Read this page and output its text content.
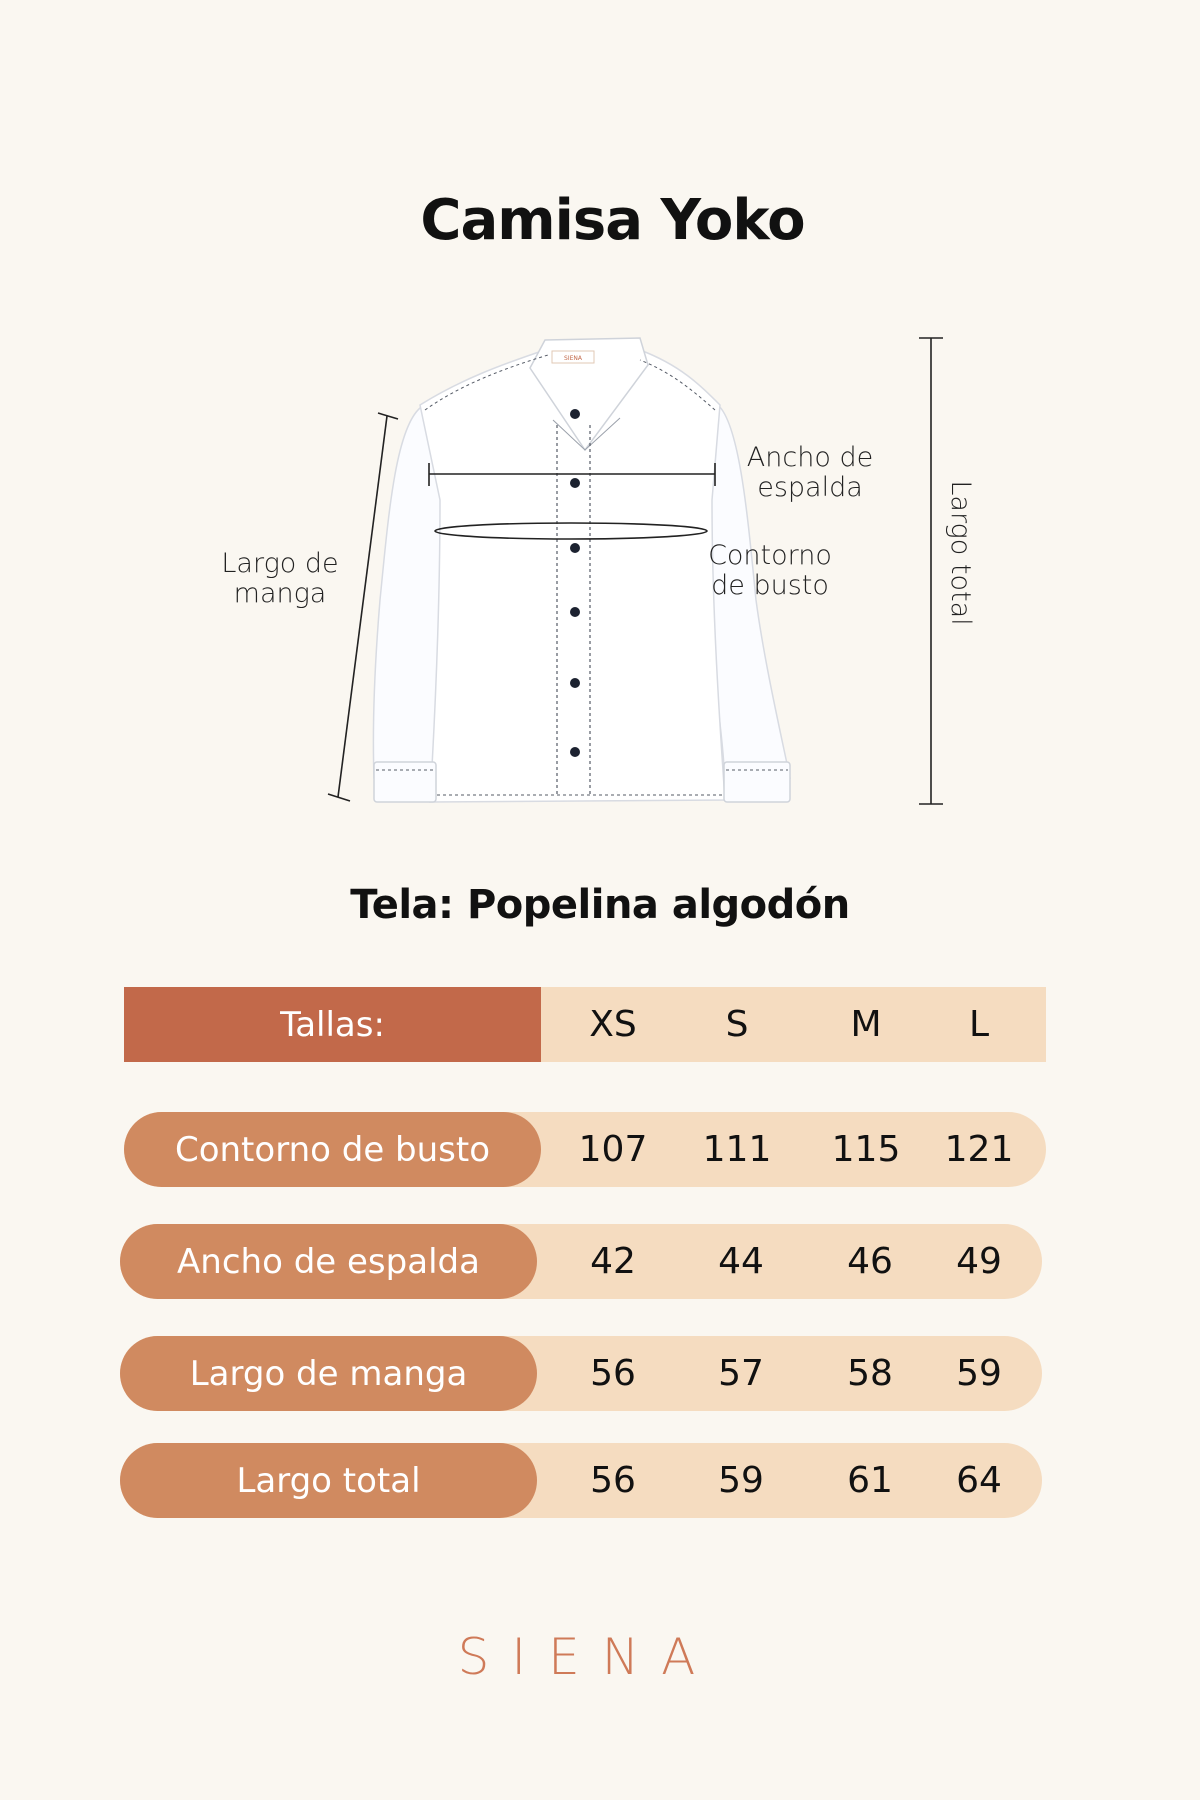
Camisa Yoko
SIENA
Largo de
manga
Ancho de
espalda
Contorno
de busto	Largo total
Tela: Popelina algodón
Tallas:	XS	S	M	L
Contorno de busto	107	111	115	121
Ancho de espalda	42	44	46	49
Largo de manga	56	57	58	59
Largo total	56	59	61	64
SIENA
